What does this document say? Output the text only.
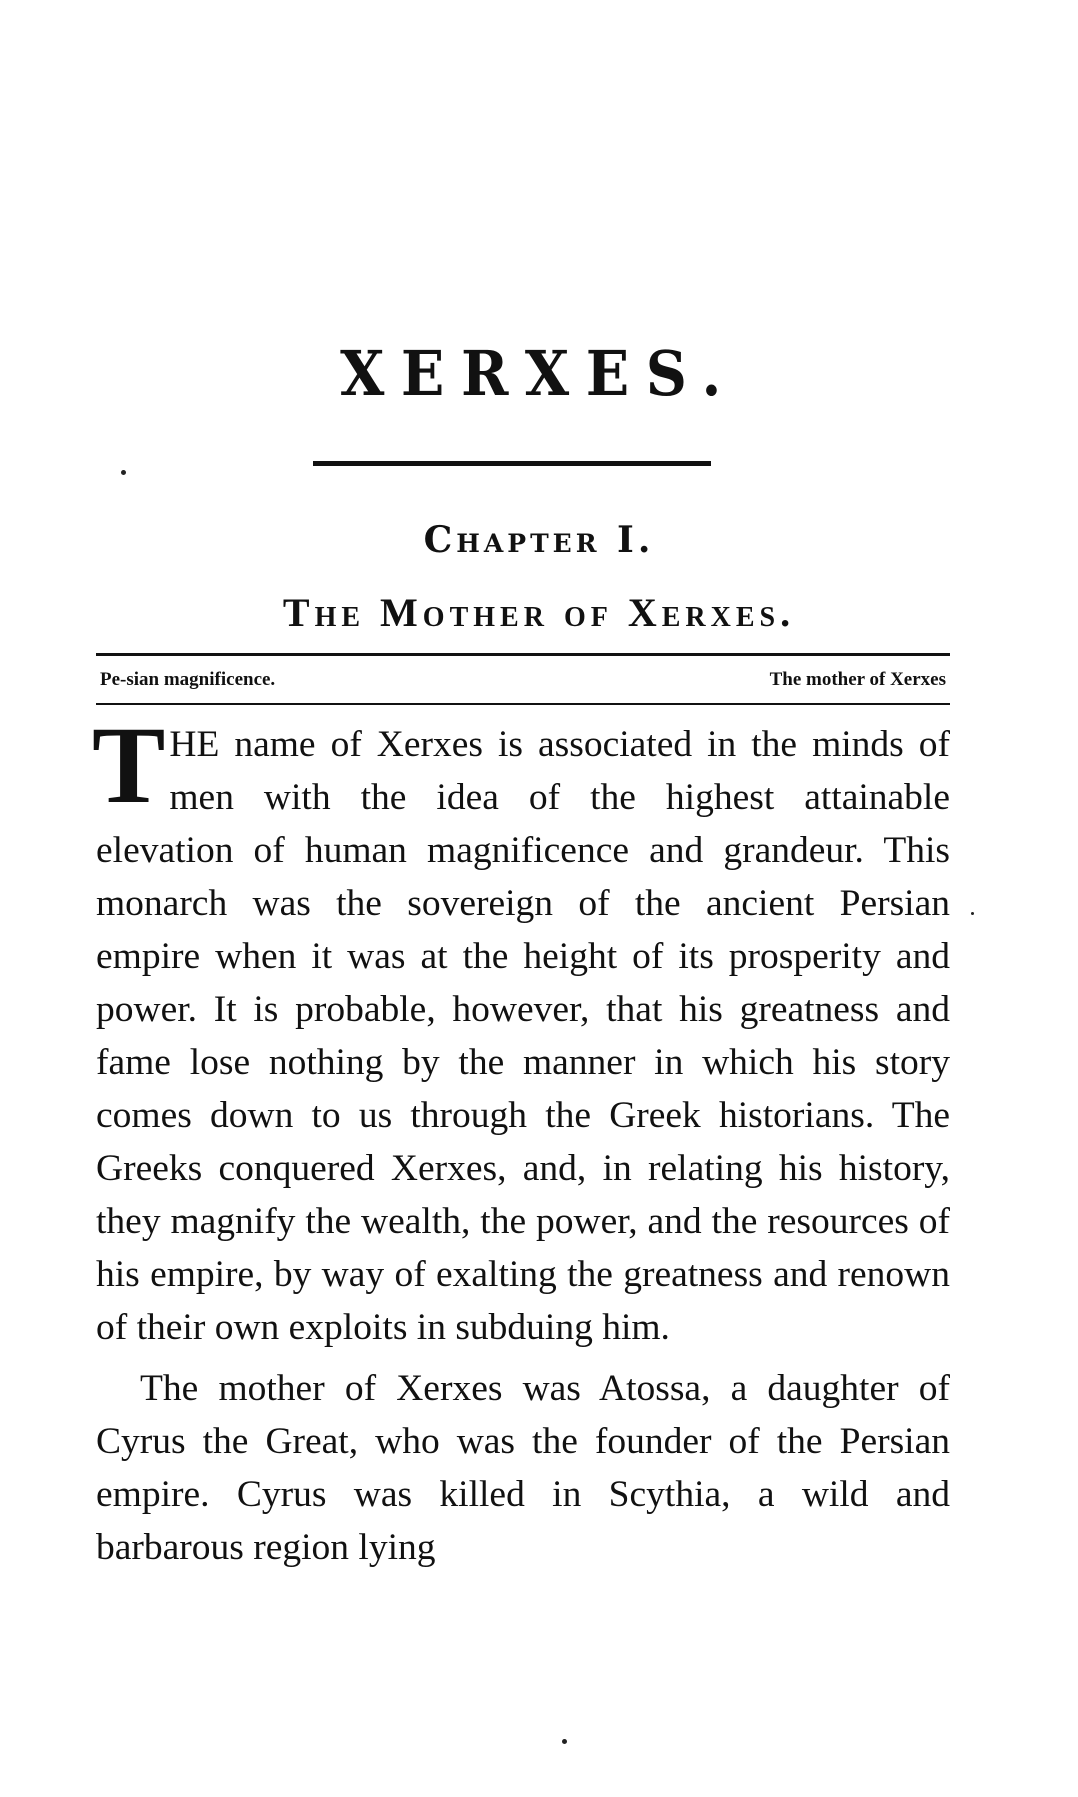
XERXES.
Chapter I.
The Mother of Xerxes.
Pe-sian magnificence.	The mother of Xerxes

THE name of Xerxes is associated in the minds of men with the idea of the highest attainable elevation of human magnificence and grandeur. This monarch was the sovereign of the ancient Persian empire when it was at the height of its prosperity and power. It is probable, however, that his greatness and fame lose nothing by the manner in which his story comes down to us through the Greek historians. The Greeks conquered Xerxes, and, in relating his history, they magnify the wealth, the power, and the resources of his empire, by way of exalting the greatness and renown of their own exploits in subduing him.

The mother of Xerxes was Atossa, a daughter of Cyrus the Great, who was the founder of the Persian empire. Cyrus was killed in Scythia, a wild and barbarous region lying
